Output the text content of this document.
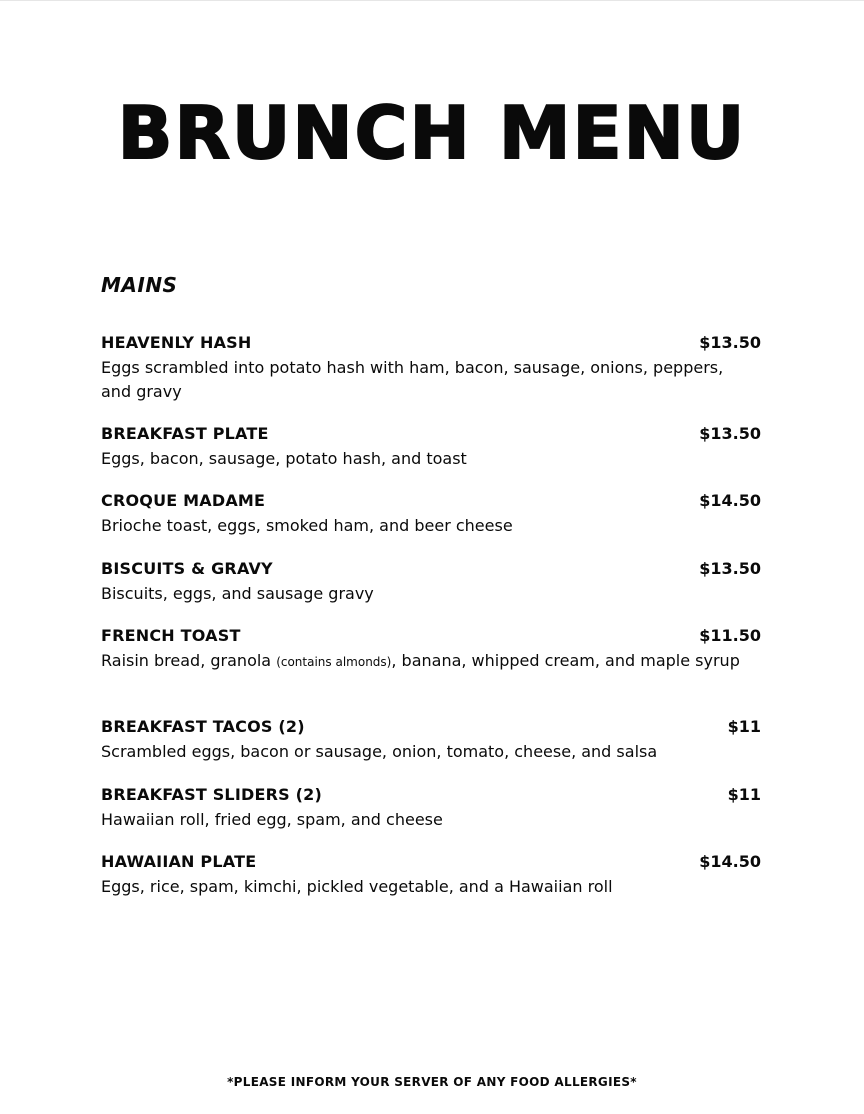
BRUNCH MENU
MAINS
HEAVENLY HASH	$13.50
Eggs scrambled into potato hash with ham, bacon, sausage, onions, peppers, and gravy
BREAKFAST PLATE	$13.50
Eggs, bacon, sausage, potato hash, and toast
CROQUE MADAME	$14.50
Brioche toast, eggs, smoked ham, and beer cheese
BISCUITS & GRAVY	$13.50
Biscuits, eggs, and sausage gravy
FRENCH TOAST	$11.50
Raisin bread, granola (contains almonds), banana, whipped cream, and maple syrup
BREAKFAST TACOS (2)	$11
Scrambled eggs, bacon or sausage, onion, tomato, cheese, and salsa
BREAKFAST SLIDERS (2)	$11
Hawaiian roll, fried egg, spam, and cheese
HAWAIIAN PLATE	$14.50
Eggs, rice, spam, kimchi, pickled vegetable, and a Hawaiian roll

*PLEASE INFORM YOUR SERVER OF ANY FOOD ALLERGIES*
